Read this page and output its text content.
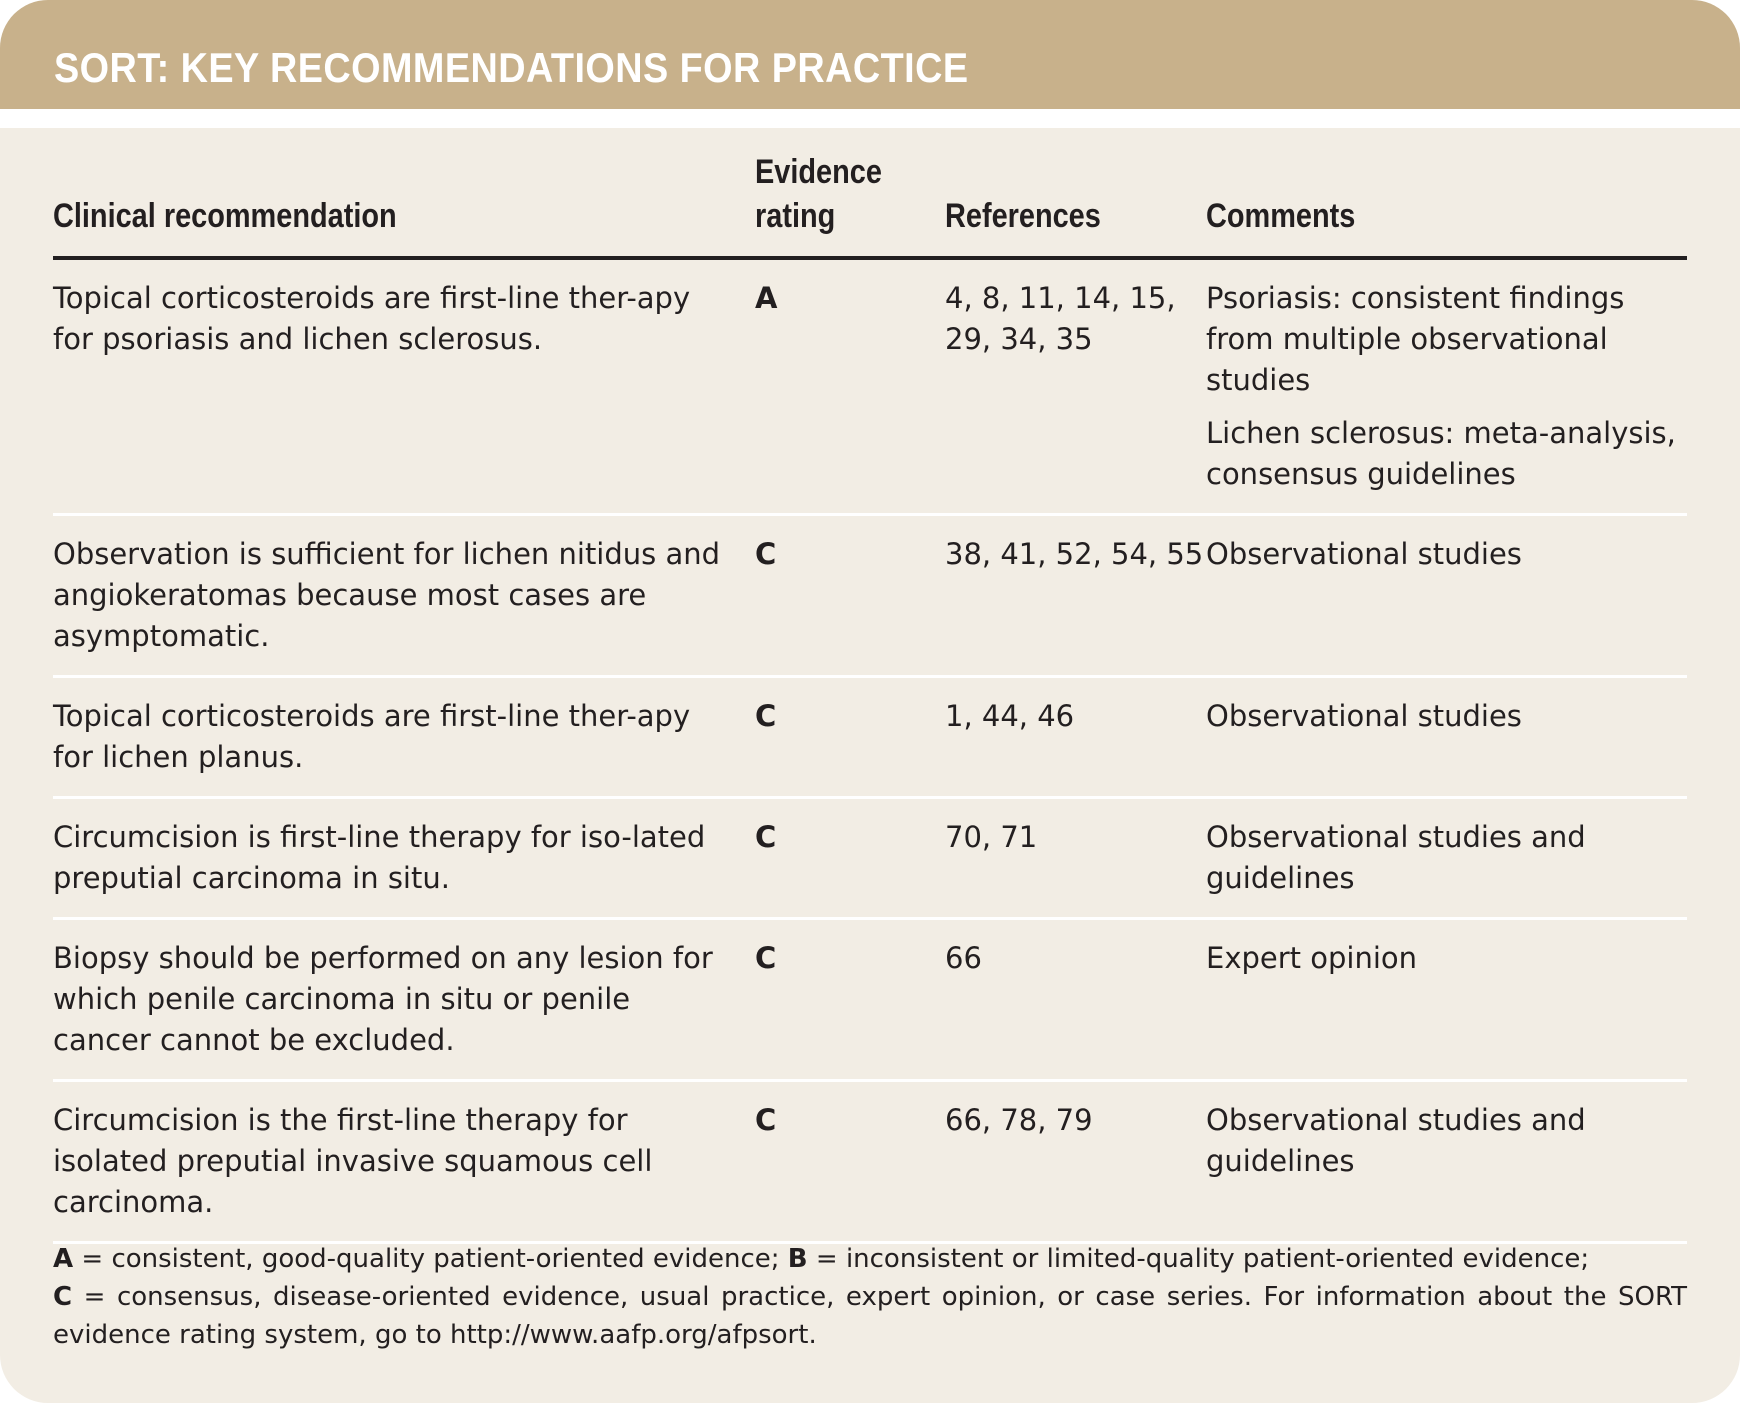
SORT: KEY RECOMMENDATIONS FOR PRACTICE
Clinical recommendation	Evidence rating	References	Comments
Topical corticosteroids are first-line ther-apy for psoriasis and lichen sclerosus.	A	4, 8, 11, 14, 15, 29, 34, 35	Psoriasis: consistent findings from multiple observational studies

Lichen sclerosus: meta-analysis, consensus guidelines

Observation is sufficient for lichen nitidus and angiokeratomas because most cases are asymptomatic.	C	38, 41, 52, 54, 55	Observational studies

Topical corticosteroids are first-line ther-apy for lichen planus.	C	1, 44, 46	Observational studies

Circumcision is first-line therapy for iso-lated preputial carcinoma in situ.	C	70, 71	Observational studies and guidelines

Biopsy should be performed on any lesion for which penile carcinoma in situ or penile cancer cannot be excluded.	C	66	Expert opinion

Circumcision is the first-line therapy for isolated preputial invasive squamous cell carcinoma.	C	66, 78, 79	Observational studies and guidelines

A = consistent, good-quality patient-oriented evidence; B = inconsistent or limited-quality patient-oriented evidence;
C = consensus, disease-oriented evidence, usual practice, expert opinion, or case series. For information about the SORT evidence rating system, go to http://www.aafp.org/afpsort.
